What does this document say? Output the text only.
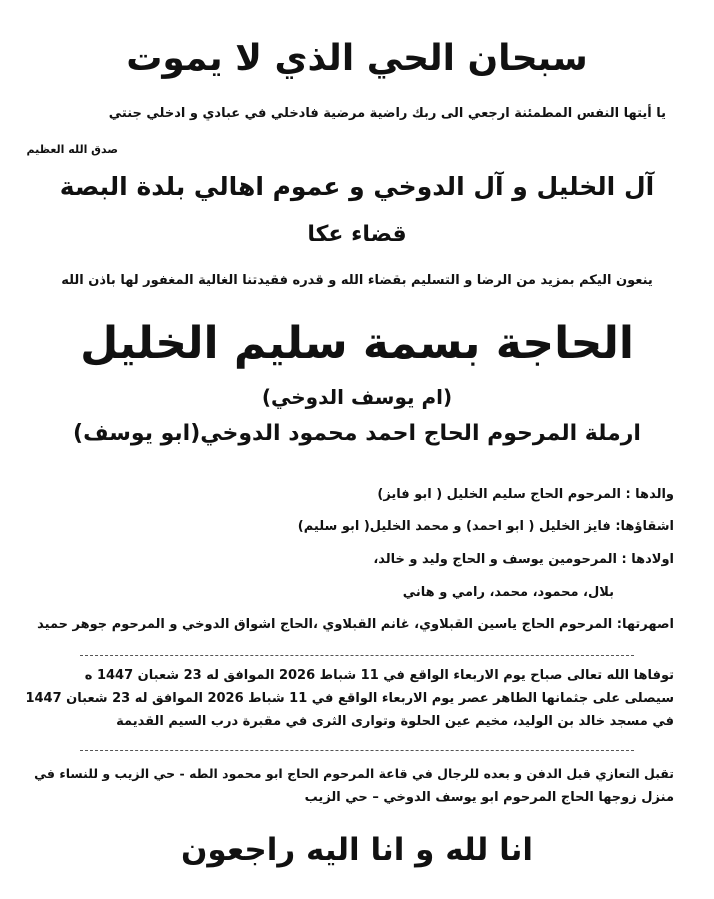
سبحان الحي الذي لا يموت
يا أيتها النفس المطمئنة ارجعي الى ربك راضية مرضية فادخلي في عبادي و ادخلي جنتي
صدق الله العظيم
آل الخليل و آل الدوخي و عموم اهالي بلدة البصة
قضاء عكا
ينعون اليكم بمزيد من الرضا و التسليم بقضاء الله و قدره فقيدتنا الغالية المغفور لها باذن الله
الحاجة بسمة سليم الخليل
(ام يوسف الدوخي)
ارملة المرحوم الحاج احمد محمود الدوخي(ابو يوسف)
والدها : المرحوم الحاج سليم الخليل ( ابو فايز)
اشقاؤها: فايز الخليل ( ابو احمد) و محمد الخليل( ابو سليم)
اولادها : المرحومين يوسف و الحاج وليد و خالد،
بلال، محمود، محمد، رامي و هاني
اصهرتها: المرحوم الحاج ياسين القبلاوي، غانم القبلاوي ،الحاج اشواق الدوخي و المرحوم جوهر حميد
توفاها الله تعالى صباح يوم الاربعاء الواقع في 11 شباط 2026 الموافق له 23 شعبان 1447 ه
سيصلى على جثمانها الطاهر عصر يوم الاربعاء الواقع في 11 شباط 2026 الموافق له 23 شعبان 1447
في مسجد خالد بن الوليد، مخيم عين الحلوة وتوارى الثرى في مقبرة درب السيم القديمة
تقبل التعازي قبل الدفن و بعده للرجال في قاعة المرحوم الحاج ابو محمود الطه - حي الزيب و للنساء في
منزل زوجها الحاج المرحوم ابو يوسف الدوخي – حي الزيب
انا لله و انا اليه راجعون
